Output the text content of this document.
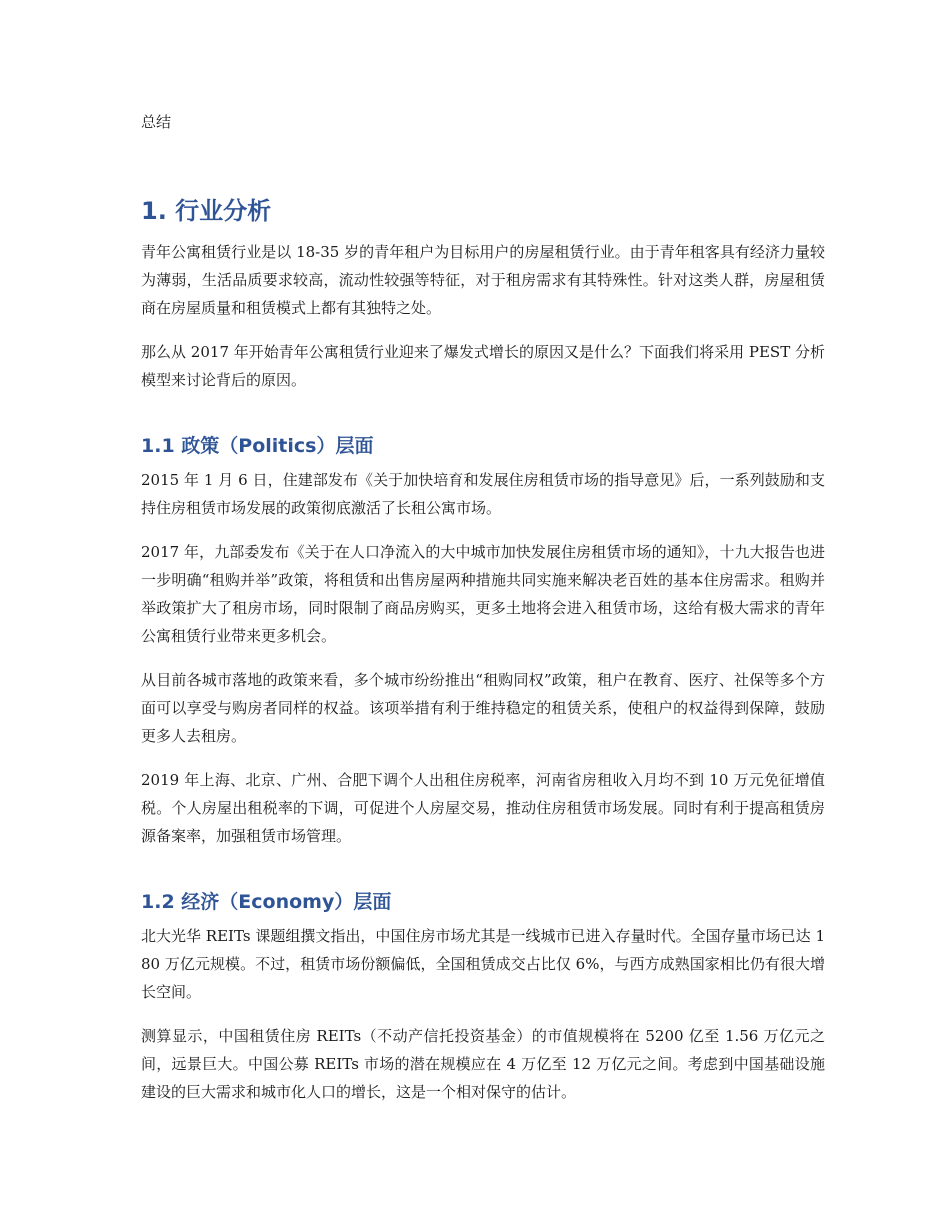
总结
1. 行业分析

青年公寓租赁行业是以 18-35 岁的青年租户为目标用户的房屋租赁行业。由于青年租客具有经济力量较为薄弱，生活品质要求较高，流动性较强等特征，对于租房需求有其特殊性。针对这类人群，房屋租赁商在房屋质量和租赁模式上都有其独特之处。

那么从 2017 年开始青年公寓租赁行业迎来了爆发式增长的原因又是什么？下面我们将采用 PEST 分析模型来讨论背后的原因。

1.1 政策（Politics）层面

2015 年 1 月 6 日，住建部发布《关于加快培育和发展住房租赁市场的指导意见》后，一系列鼓励和支持住房租赁市场发展的政策彻底激活了长租公寓市场。

2017 年，九部委发布《关于在人口净流入的大中城市加快发展住房租赁市场的通知》，十九大报告也进一步明确“租购并举”政策，将租赁和出售房屋两种措施共同实施来解决老百姓的基本住房需求。租购并举政策扩大了租房市场，同时限制了商品房购买，更多土地将会进入租赁市场，这给有极大需求的青年公寓租赁行业带来更多机会。

从目前各城市落地的政策来看，多个城市纷纷推出“租购同权”政策，租户在教育、医疗、社保等多个方面可以享受与购房者同样的权益。该项举措有利于维持稳定的租赁关系，使租户的权益得到保障，鼓励更多人去租房。

2019 年上海、北京、广州、合肥下调个人出租住房税率，河南省房租收入月均不到 10 万元免征增值税。个人房屋出租税率的下调，可促进个人房屋交易，推动住房租赁市场发展。同时有利于提高租赁房源备案率，加强租赁市场管理。

1.2 经济（Economy）层面

北大光华 REITs 课题组撰文指出，中国住房市场尤其是一线城市已进入存量时代。全国存量市场已达 180 万亿元规模。不过，租赁市场份额偏低，全国租赁成交占比仅 6%，与西方成熟国家相比仍有很大增长空间。

测算显示，中国租赁住房 REITs（不动产信托投资基金）的市值规模将在 5200 亿至 1.56 万亿元之间，远景巨大。中国公募 REITs 市场的潜在规模应在 4 万亿至 12 万亿元之间。考虑到中国基础设施建设的巨大需求和城市化人口的增长，这是一个相对保守的估计。
